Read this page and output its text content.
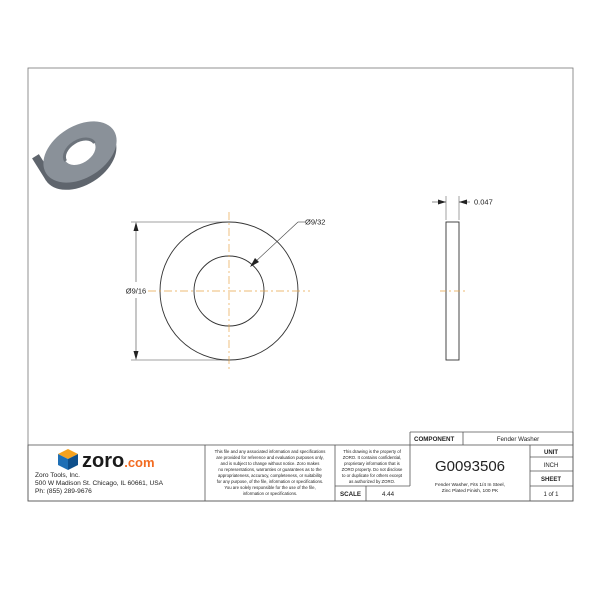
Ø9/16
Ø9/32
0.047
zoro.com
Zoro Tools, Inc.
500 W Madison St. Chicago, IL 60661, USA
Ph: (855) 289-9676
This file and any associated information and specifications
are provided for reference and evaluation purposes only,
and is subject to change without notice. Zoro makes
no representations, warranties or guarantees as to the
appropriateness, accuracy, completeness, or suitability
for any purpose, of the file, information or specifications.
You are solely responsible for the use of the file,
information or specifications.
This drawing is the property of
ZORO. It contains confidential,
proprietary information that is
ZORO property. Do not disclose
to or duplicate for others except
as authorized by ZORO.
SCALE	4.44
COMPONENT	Fender Washer
G0093506
Fender Washer, Fits 1/4 In Steel,
Zinc Plated Finish, 100 PK
UNIT
INCH
SHEET
1 of 1
